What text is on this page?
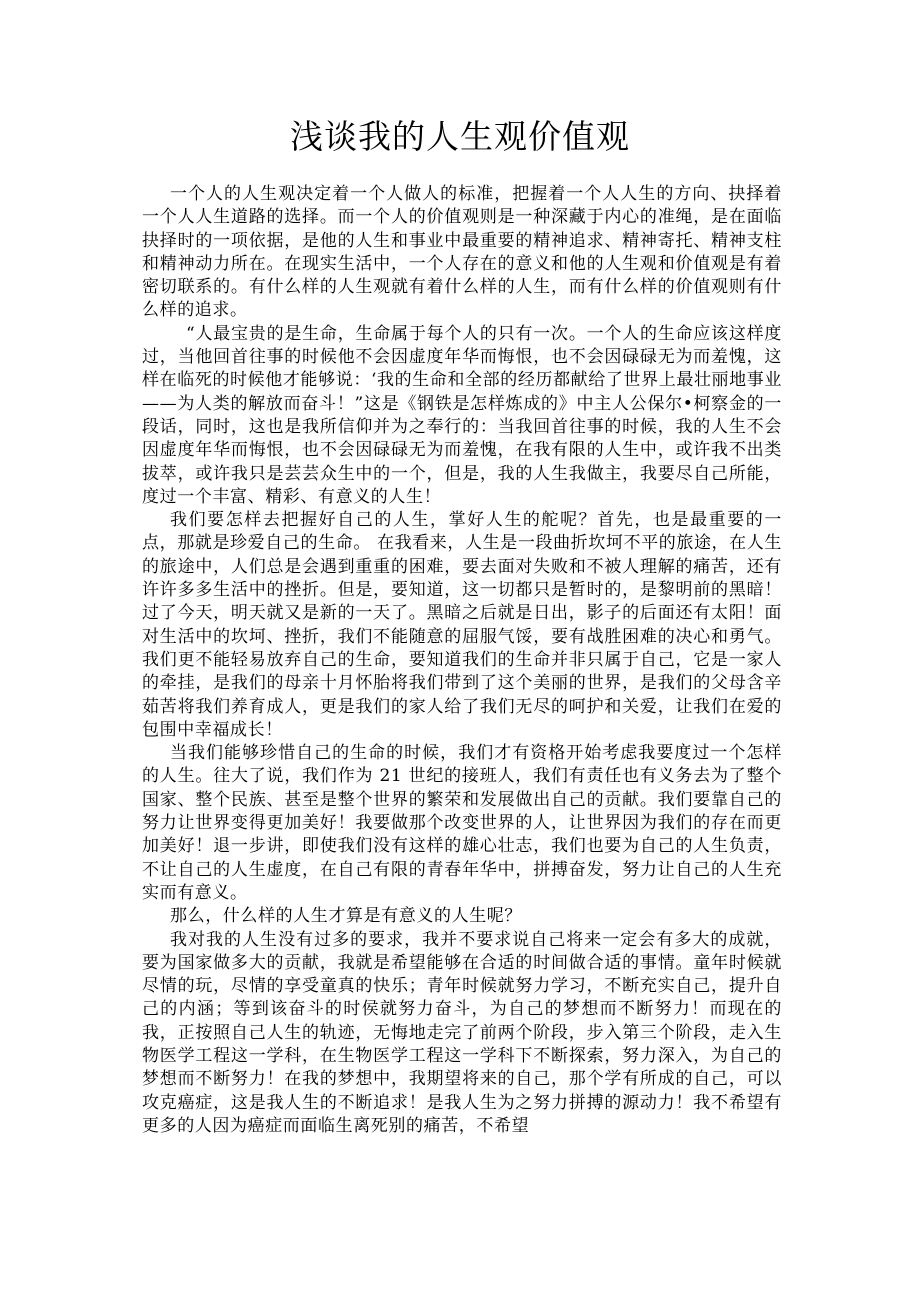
浅谈我的人生观价值观

一个人的人生观决定着一个人做人的标准，把握着一个人人生的方向、抉择着一个人人生道路的选择。而一个人的价值观则是一种深藏于内心的准绳，是在面临抉择时的一项依据，是他的人生和事业中最重要的精神追求、精神寄托、精神支柱和精神动力所在。在现实生活中，一个人存在的意义和他的人生观和价值观是有着密切联系的。有什么样的人生观就有着什么样的人生，而有什么样的价值观则有什么样的追求。

“人最宝贵的是生命，生命属于每个人的只有一次。一个人的生命应该这样度过，当他回首往事的时候他不会因虚度年华而悔恨，也不会因碌碌无为而羞愧，这样在临死的时候他才能够说：‘我的生命和全部的经历都献给了世界上最壮丽地事业——为人类的解放而奋斗！”这是《钢铁是怎样炼成的》中主人公保尔•柯察金的一段话，同时，这也是我所信仰并为之奉行的：当我回首往事的时候，我的人生不会因虚度年华而悔恨，也不会因碌碌无为而羞愧，在我有限的人生中，或许我不出类拔萃，或许我只是芸芸众生中的一个，但是，我的人生我做主，我要尽自己所能，度过一个丰富、精彩、有意义的人生！

我们要怎样去把握好自己的人生，掌好人生的舵呢？首先，也是最重要的一点，那就是珍爱自己的生命。 在我看来，人生是一段曲折坎坷不平的旅途，在人生的旅途中，人们总是会遇到重重的困难，要去面对失败和不被人理解的痛苦，还有许许多多生活中的挫折。但是，要知道，这一切都只是暂时的，是黎明前的黑暗！过了今天，明天就又是新的一天了。黑暗之后就是日出，影子的后面还有太阳！面对生活中的坎坷、挫折，我们不能随意的屈服气馁，要有战胜困难的决心和勇气。我们更不能轻易放弃自己的生命，要知道我们的生命并非只属于自己，它是一家人的牵挂，是我们的母亲十月怀胎将我们带到了这个美丽的世界，是我们的父母含辛茹苦将我们养育成人，更是我们的家人给了我们无尽的呵护和关爱，让我们在爱的包围中幸福成长！

当我们能够珍惜自己的生命的时候，我们才有资格开始考虑我要度过一个怎样的人生。往大了说，我们作为 21 世纪的接班人，我们有责任也有义务去为了整个国家、整个民族、甚至是整个世界的繁荣和发展做出自己的贡献。我们要靠自己的努力让世界变得更加美好！我要做那个改变世界的人，让世界因为我们的存在而更加美好！退一步讲，即使我们没有这样的雄心壮志，我们也要为自己的人生负责，不让自己的人生虚度，在自己有限的青春年华中，拼搏奋发，努力让自己的人生充实而有意义。

那么，什么样的人生才算是有意义的人生呢？

我对我的人生没有过多的要求，我并不要求说自己将来一定会有多大的成就，要为国家做多大的贡献，我就是希望能够在合适的时间做合适的事情。童年时候就尽情的玩，尽情的享受童真的快乐；青年时候就努力学习，不断充实自己，提升自己的内涵；等到该奋斗的时侯就努力奋斗，为自己的梦想而不断努力！而现在的我，正按照自己人生的轨迹，无悔地走完了前两个阶段，步入第三个阶段，走入生物医学工程这一学科，在生物医学工程这一学科下不断探索，努力深入，为自己的梦想而不断努力！在我的梦想中，我期望将来的自己，那个学有所成的自己，可以攻克癌症，这是我人生的不断追求！是我人生为之努力拼搏的源动力！我不希望有更多的人因为癌症而面临生离死别的痛苦，不希望
